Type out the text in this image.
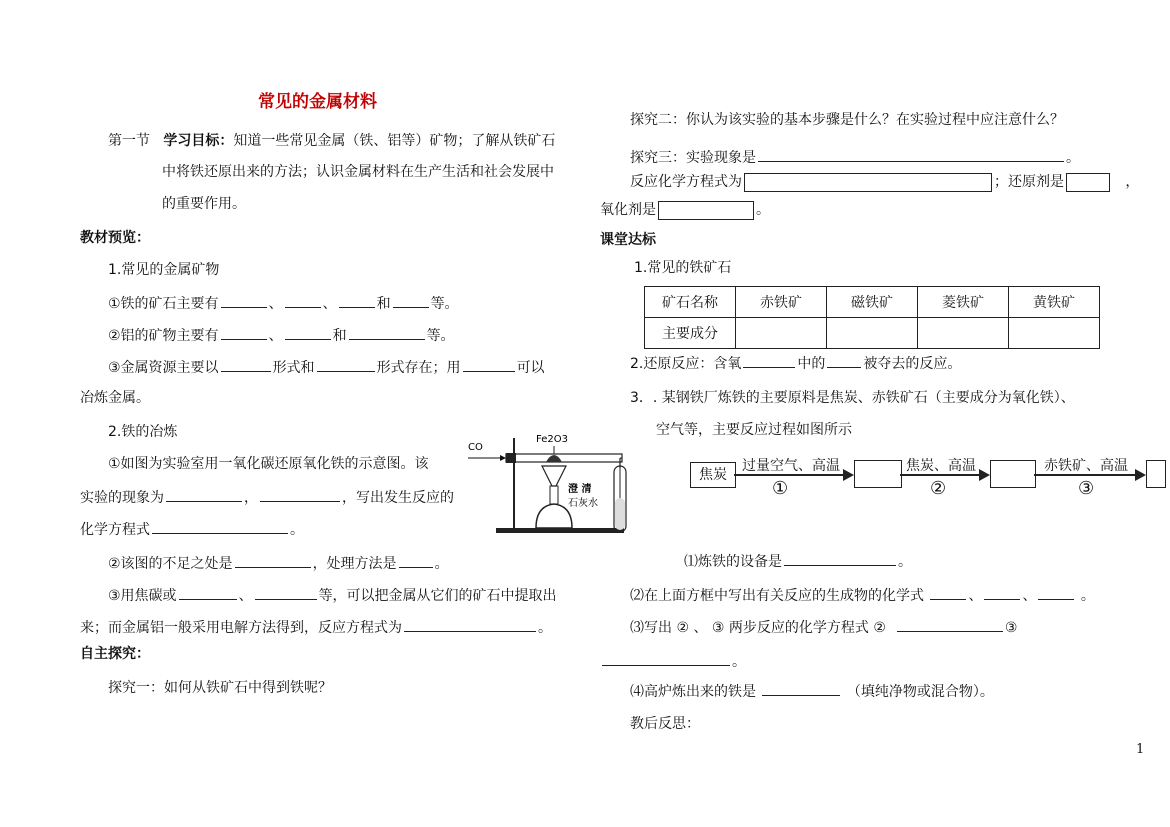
常见的金属材料
第一节 学习目标：知道一些常见金属（铁、铝等）矿物；了解从铁矿石
中将铁还原出来的方法；认识金属材料在生产生活和社会发展中
的重要作用。
教材预览：
1.常见的金属矿物
①铁的矿石主要有	、	、	和	等。
②铝的矿物主要有	、	和	等。
③金属资源主要以	形式和	形式存在；用	可以
冶炼金属。
2.铁的冶炼
①如图为实验室用一氧化碳还原氧化铁的示意图。该
实验的现象为	，	，写出发生反应的
化学方程式	。
②该图的不足之处是	，处理方法是	。
③用焦碳或	、	等，可以把金属从它们的矿石中提取出
来；而金属铝一般采用电解方法得到，反应方程式为	。
自主探究：
探究一：如何从铁矿石中得到铁呢？
CO
Fe2O3
澄 清
石灰水
探究二：你认为该实验的基本步骤是什么？在实验过程中应注意什么？
探究三：实验现象是	。
反应化学方程式为	；还原剂是	，
氧化剂是	。
课堂达标
1.常见的铁矿石
矿石名称	赤铁矿	磁铁矿	菱铁矿	黄铁矿
主要成分				
2.还原反应：含氧	中的	被夺去的反应。
3．. 某钢铁厂炼铁的主要原料是焦炭、赤铁矿石（主要成分为氧化铁）、
空气等，主要反应过程如图所示
焦炭
过量空气、高温
①
焦炭、高温
②
赤铁矿、高温
③
⑴炼铁的设备是	。
⑵在上面方框中写出有关反应的生成物的化学式	、	、	。
⑶写出 ② 、 ③ 两步反应的化学方程式 ②	③
。
⑷高炉炼出来的铁是	（填纯净物或混合物）。
教后反思：
1
